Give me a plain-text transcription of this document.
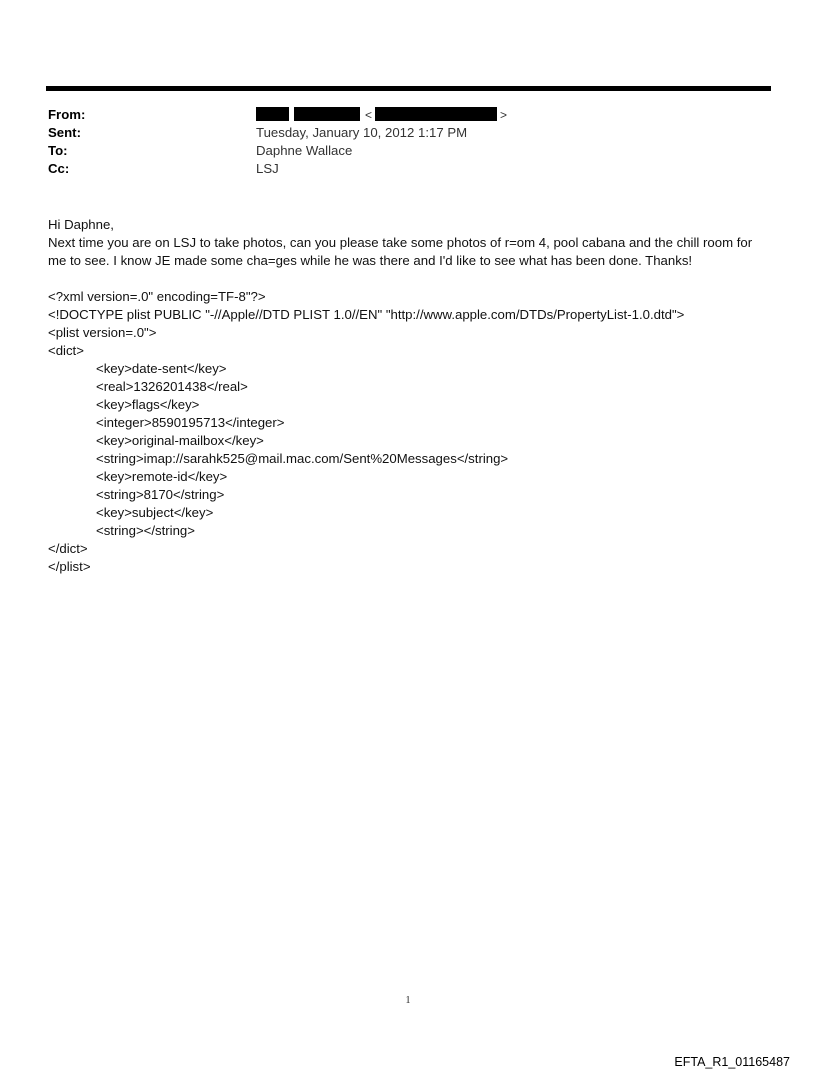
From:	<	>
Sent:	Tuesday, January 10, 2012 1:17 PM
To:	Daphne Wallace
Cc:	LSJ

Hi Daphne,

Next time you are on LSJ to take photos, can you please take some photos of r=om 4, pool cabana and the chill room for

me to see. I know JE made some cha=ges while he was there and I'd like to see what has been done. Thanks!

<?xml version=.0" encoding=TF-8"?>

<!DOCTYPE plist PUBLIC "-//Apple//DTD PLIST 1.0//EN" "http://www.apple.com/DTDs/PropertyList-1.0.dtd">

<plist version=.0">

<dict>

<key>date-sent</key>

<real>1326201438</real>

<key>flags</key>

<integer>8590195713</integer>

<key>original-mailbox</key>

<string>imap://sarahk525@mail.mac.com/Sent%20Messages</string>

<key>remote-id</key>

<string>8170</string>

<key>subject</key>

<string></string>

</dict>

</plist>

1
EFTA_R1_01165487
